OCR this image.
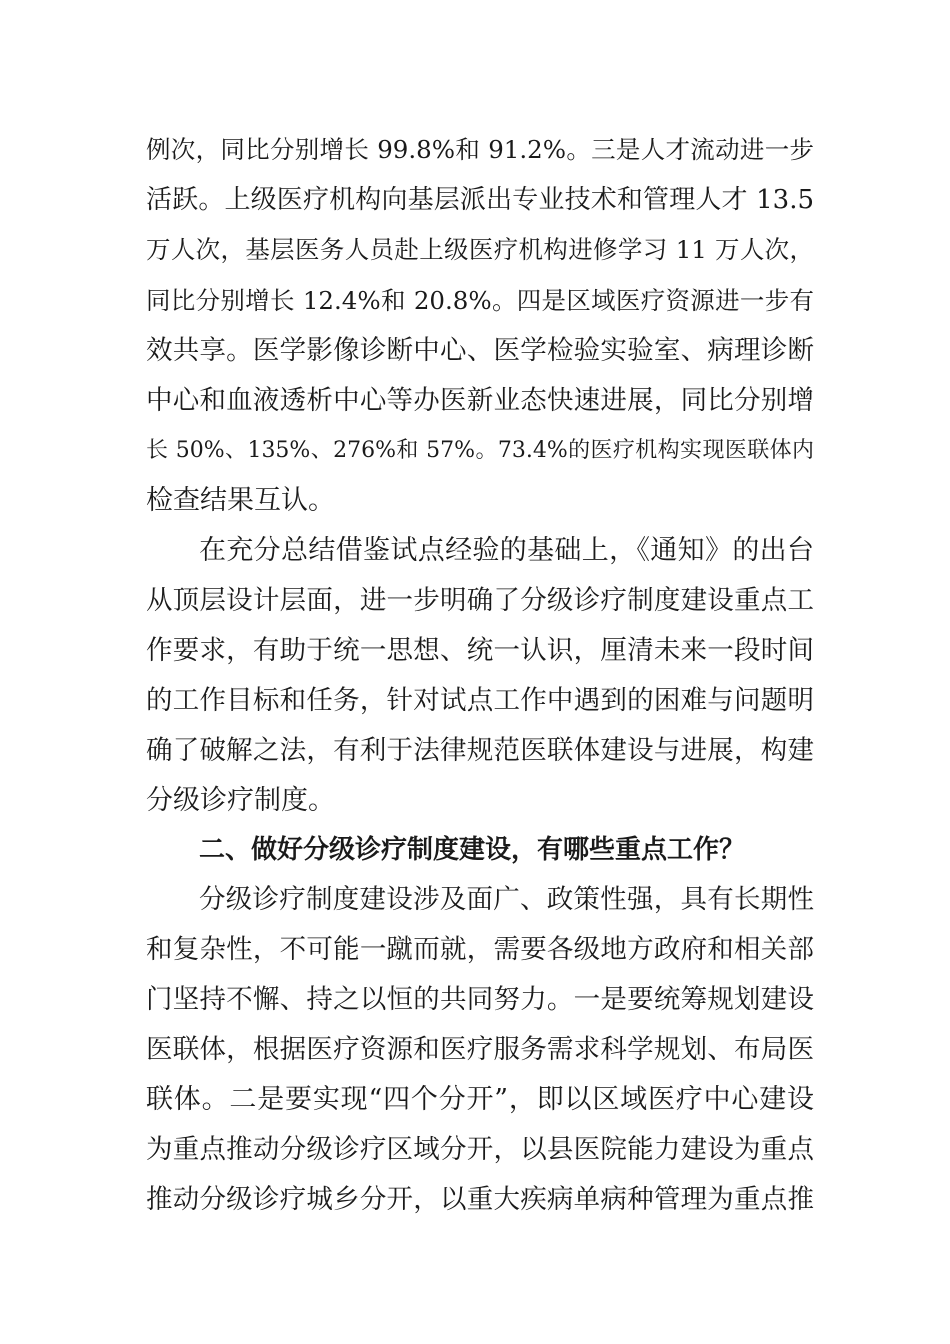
例次，同比分别增长 99.8%和 91.2%。三是人才流动进一步
活跃。上级医疗机构向基层派出专业技术和管理人才 13.5
万人次，基层医务人员赴上级医疗机构进修学习 11 万人次，
同比分别增长 12.4%和 20.8%。四是区域医疗资源进一步有
效共享。医学影像诊断中心、医学检验实验室、病理诊断
中心和血液透析中心等办医新业态快速进展，同比分别增
长 50%、135%、276%和 57%。73.4%的医疗机构实现医联体内
检查结果互认。
在充分总结借鉴试点经验的基础上，《通知》的出台
从顶层设计层面，进一步明确了分级诊疗制度建设重点工
作要求，有助于统一思想、统一认识，厘清未来一段时间
的工作目标和任务，针对试点工作中遇到的困难与问题明
确了破解之法，有利于法律规范医联体建设与进展，构建
分级诊疗制度。
二、做好分级诊疗制度建设，有哪些重点工作？
分级诊疗制度建设涉及面广、政策性强，具有长期性
和复杂性，不可能一蹴而就，需要各级地方政府和相关部
门坚持不懈、持之以恒的共同努力。一是要统筹规划建设
医联体，根据医疗资源和医疗服务需求科学规划、布局医
联体。二是要实现“四个分开”，即以区域医疗中心建设
为重点推动分级诊疗区域分开，以县医院能力建设为重点
推动分级诊疗城乡分开，以重大疾病单病种管理为重点推
